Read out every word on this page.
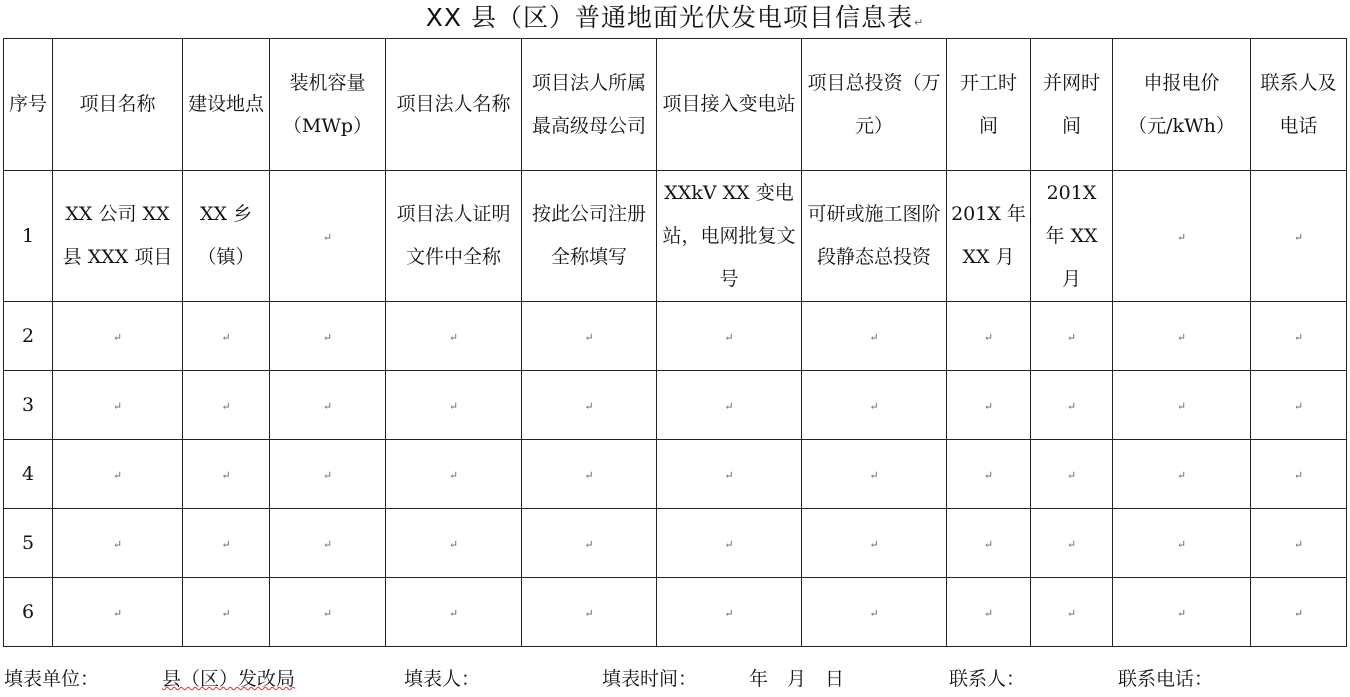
XX 县（区）普通地面光伏发电项目信息表↵
序号	项目名称	建设地点	装机容量（MWp）	项目法人名称	项目法人所属最高级母公司	项目接入变电站	项目总投资（万元）	开工时间	并网时间	申报电价（元/kWh）	联系人及电话
1	XX 公司 XX 县 XXX 项目	XX 乡（镇）	↵	项目法人证明文件中全称	按此公司注册全称填写	XXkV XX 变电站，电网批复文号	可研或施工图阶段静态总投资	201X 年 XX 月	201X 年 XX 月	↵	↵
2	↵	↵	↵	↵	↵	↵	↵	↵	↵	↵	↵
3	↵	↵	↵	↵	↵	↵	↵	↵	↵	↵	↵
4	↵	↵	↵	↵	↵	↵	↵	↵	↵	↵	↵
5	↵	↵	↵	↵	↵	↵	↵	↵	↵	↵	↵
6	↵	↵	↵	↵	↵	↵	↵	↵	↵	↵	↵
填表单位：	县（区）发改局	填表人：	填表时间：	年　月　日	联系人：	联系电话：
